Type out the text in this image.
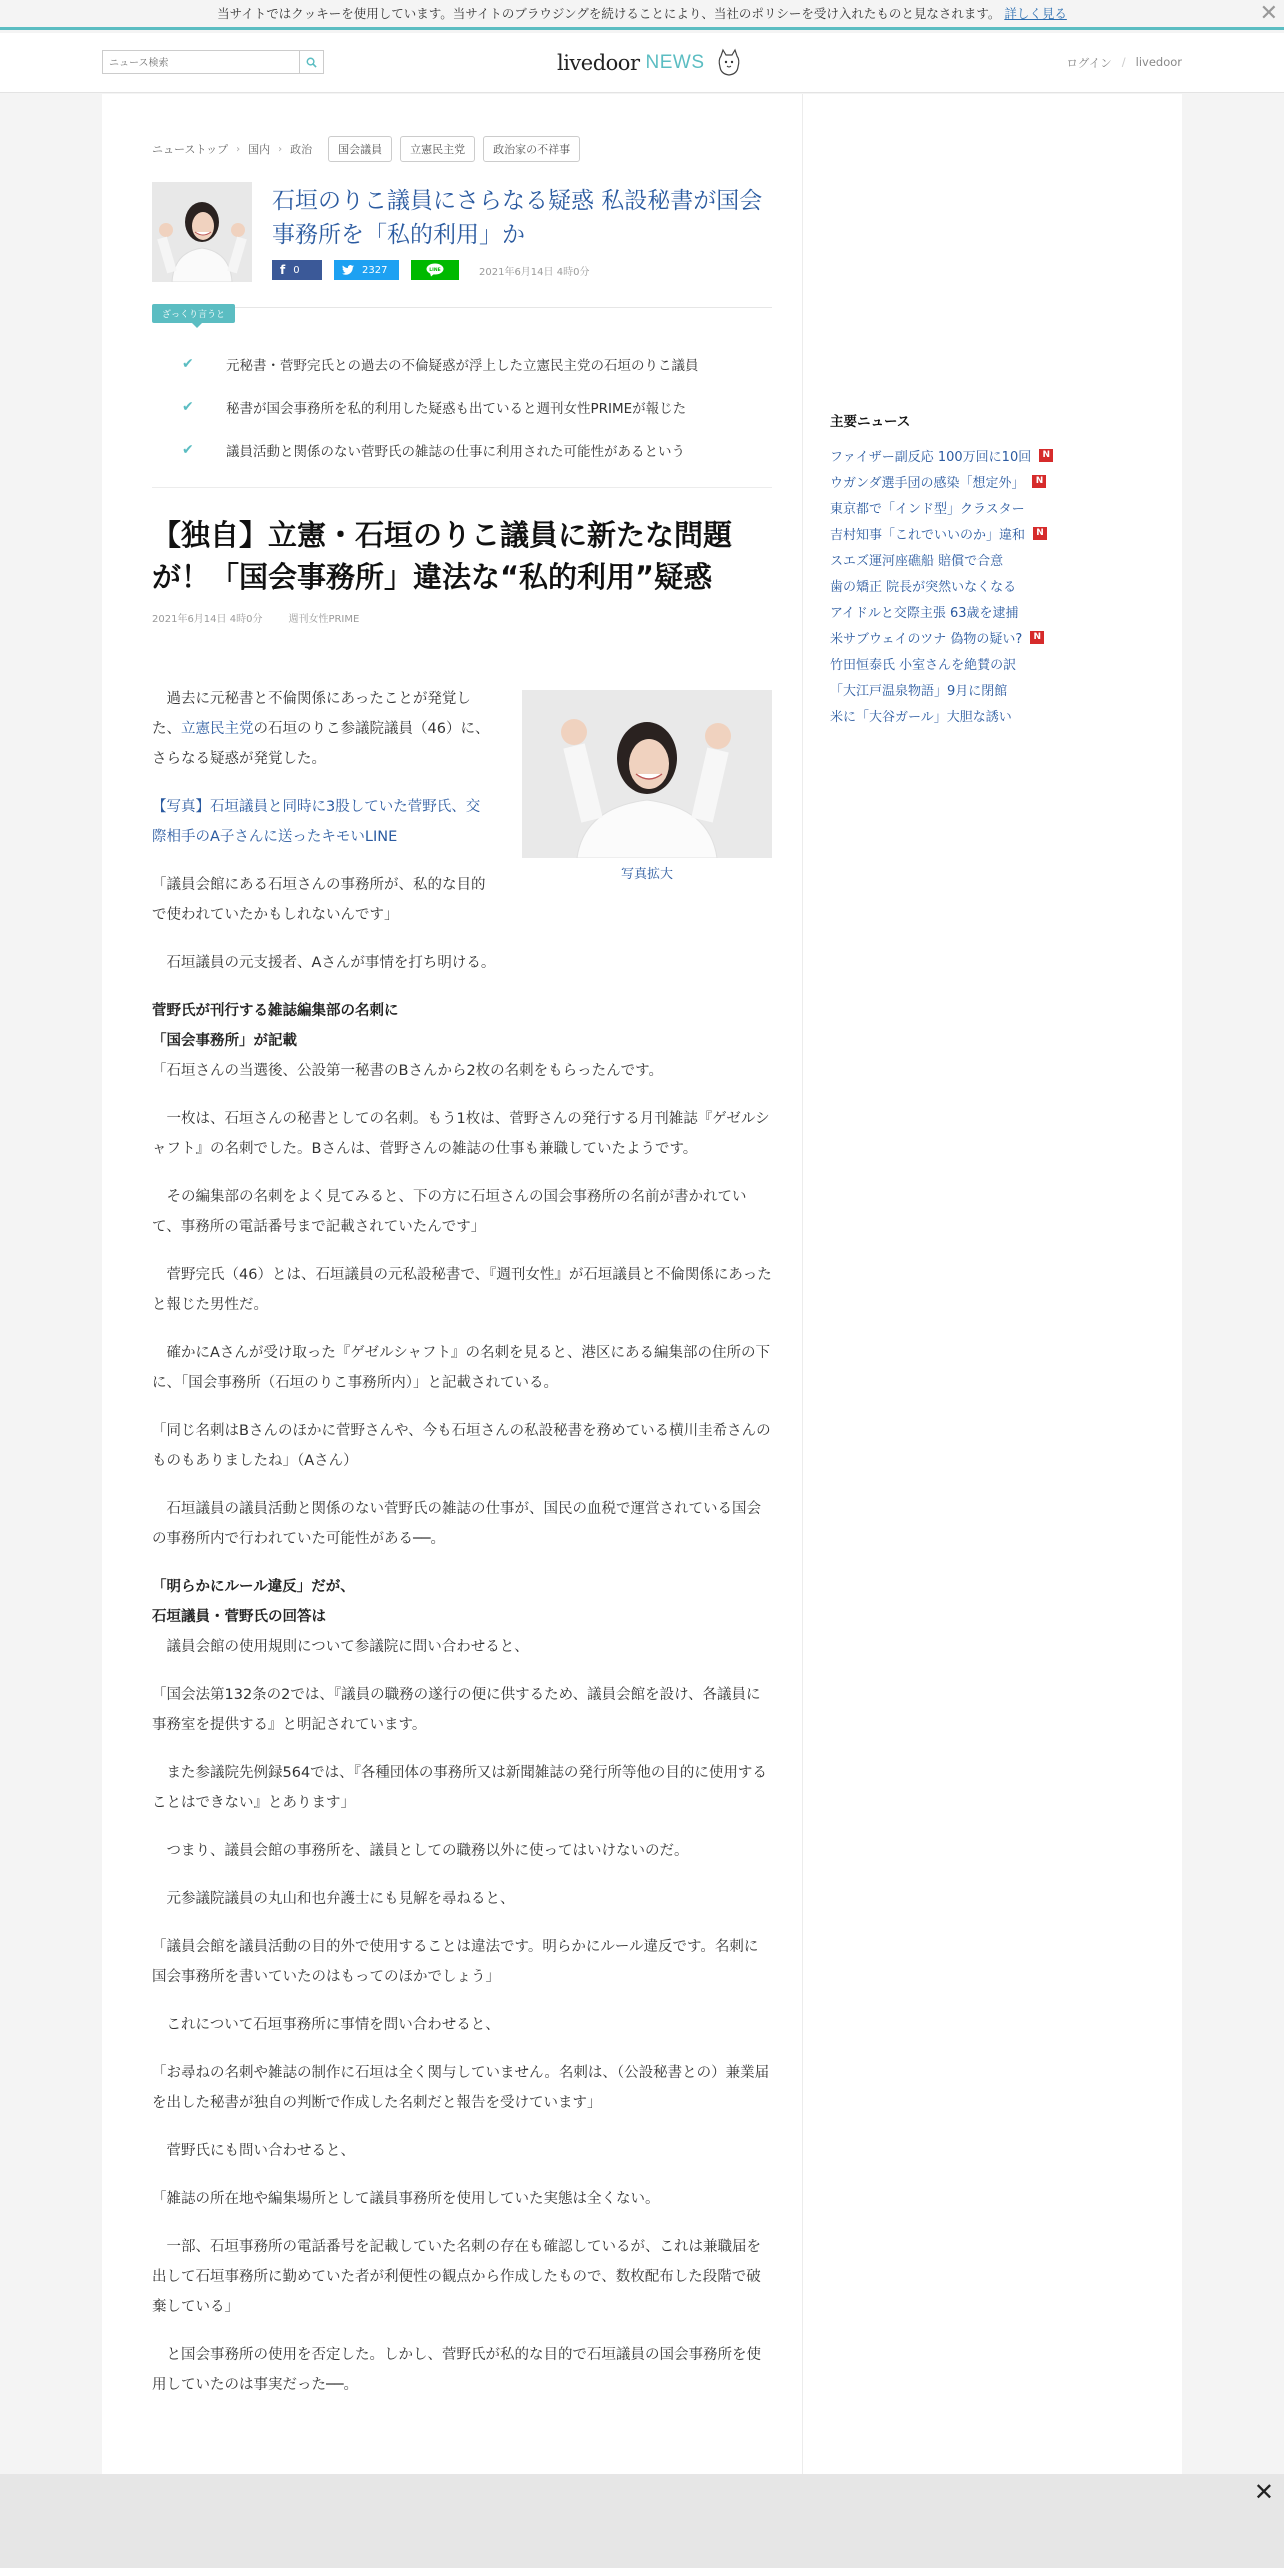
当サイトではクッキーを使用しています。当サイトのブラウジングを続けることにより、当社のポリシーを受け入れたものと見なされます。 詳しく見る	✕
ニュース検索
livedoor NEWS	ログイン / livedoor
ニューストップ › 国内 › 政治	国会議員	立憲民主党	政治家の不祥事
石垣のりこ議員にさらなる疑惑 私設秘書が国会事務所を「私的利用」か
f 0	2327	LINE	2021年6月14日 4時0分
ざっくり言うと
✔	元秘書・菅野完氏との過去の不倫疑惑が浮上した立憲民主党の石垣のりこ議員
✔	秘書が国会事務所を私的利用した疑惑も出ていると週刊女性PRIMEが報じた
✔	議員活動と関係のない菅野氏の雑誌の仕事に利用された可能性があるという
【独自】立憲・石垣のりこ議員に新たな問題が！「国会事務所」違法な“私的利用”疑惑
2021年6月14日 4時0分	週刊女性PRIME
写真拡大

過去に元秘書と不倫関係にあったことが発覚した、立憲民主党の石垣のりこ参議院議員（46）に、さらなる疑惑が発覚した。

【写真】石垣議員と同時に3股していた菅野氏、交際相手のA子さんに送ったキモいLINE

「議員会館にある石垣さんの事務所が、私的な目的で使われていたかもしれないんです」

石垣議員の元支援者、Aさんが事情を打ち明ける。

菅野氏が刊行する雑誌編集部の名刺に

「国会事務所」が記載

「石垣さんの当選後、公設第一秘書のBさんから2枚の名刺をもらったんです。

一枚は、石垣さんの秘書としての名刺。もう1枚は、菅野さんの発行する月刊雑誌『ゲゼルシャフト』の名刺でした。Bさんは、菅野さんの雑誌の仕事も兼職していたようです。

その編集部の名刺をよく見てみると、下の方に石垣さんの国会事務所の名前が書かれていて、事務所の電話番号まで記載されていたんです」

菅野完氏（46）とは、石垣議員の元私設秘書で、『週刊女性』が石垣議員と不倫関係にあったと報じた男性だ。

確かにAさんが受け取った『ゲゼルシャフト』の名刺を見ると、港区にある編集部の住所の下に、「国会事務所（石垣のりこ事務所内）」と記載されている。

「同じ名刺はBさんのほかに菅野さんや、今も石垣さんの私設秘書を務めている横川圭希さんのものもありましたね」（Aさん）

石垣議員の議員活動と関係のない菅野氏の雑誌の仕事が、国民の血税で運営されている国会の事務所内で行われていた可能性がある──。

「明らかにルール違反」だが、

石垣議員・菅野氏の回答は

議員会館の使用規則について参議院に問い合わせると、

「国会法第132条の2では、『議員の職務の遂行の便に供するため、議員会館を設け、各議員に事務室を提供する』と明記されています。

また参議院先例録564では、『各種団体の事務所又は新聞雑誌の発行所等他の目的に使用することはできない』とあります」

つまり、議員会館の事務所を、議員としての職務以外に使ってはいけないのだ。

元参議院議員の丸山和也弁護士にも見解を尋ねると、

「議員会館を議員活動の目的外で使用することは違法です。明らかにルール違反です。名刺に国会事務所を書いていたのはもってのほかでしょう」

これについて石垣事務所に事情を問い合わせると、

「お尋ねの名刺や雑誌の制作に石垣は全く関与していません。名刺は、（公設秘書との）兼業届を出した秘書が独自の判断で作成した名刺だと報告を受けています」

菅野氏にも問い合わせると、

「雑誌の所在地や編集場所として議員事務所を使用していた実態は全くない。

一部、石垣事務所の電話番号を記載していた名刺の存在も確認しているが、これは兼職届を出して石垣事務所に勤めていた者が利便性の観点から作成したもので、数枚配布した段階で破棄している」

と国会事務所の使用を否定した。しかし、菅野氏が私的な目的で石垣議員の国会事務所を使用していたのは事実だった──。

主要ニュース
ファイザー副反応 100万回に10回	N
ウガンダ選手団の感染「想定外」	N
東京都で「インド型」クラスター
吉村知事「これでいいのか」違和	N
スエズ運河座礁船 賠償で合意
歯の矯正 院長が突然いなくなる
アイドルと交際主張 63歳を逮捕
米サブウェイのツナ 偽物の疑い?	N
竹田恒泰氏 小室さんを絶賛の訳
「大江戸温泉物語」9月に閉館
米に「大谷ガール」大胆な誘い
✕
